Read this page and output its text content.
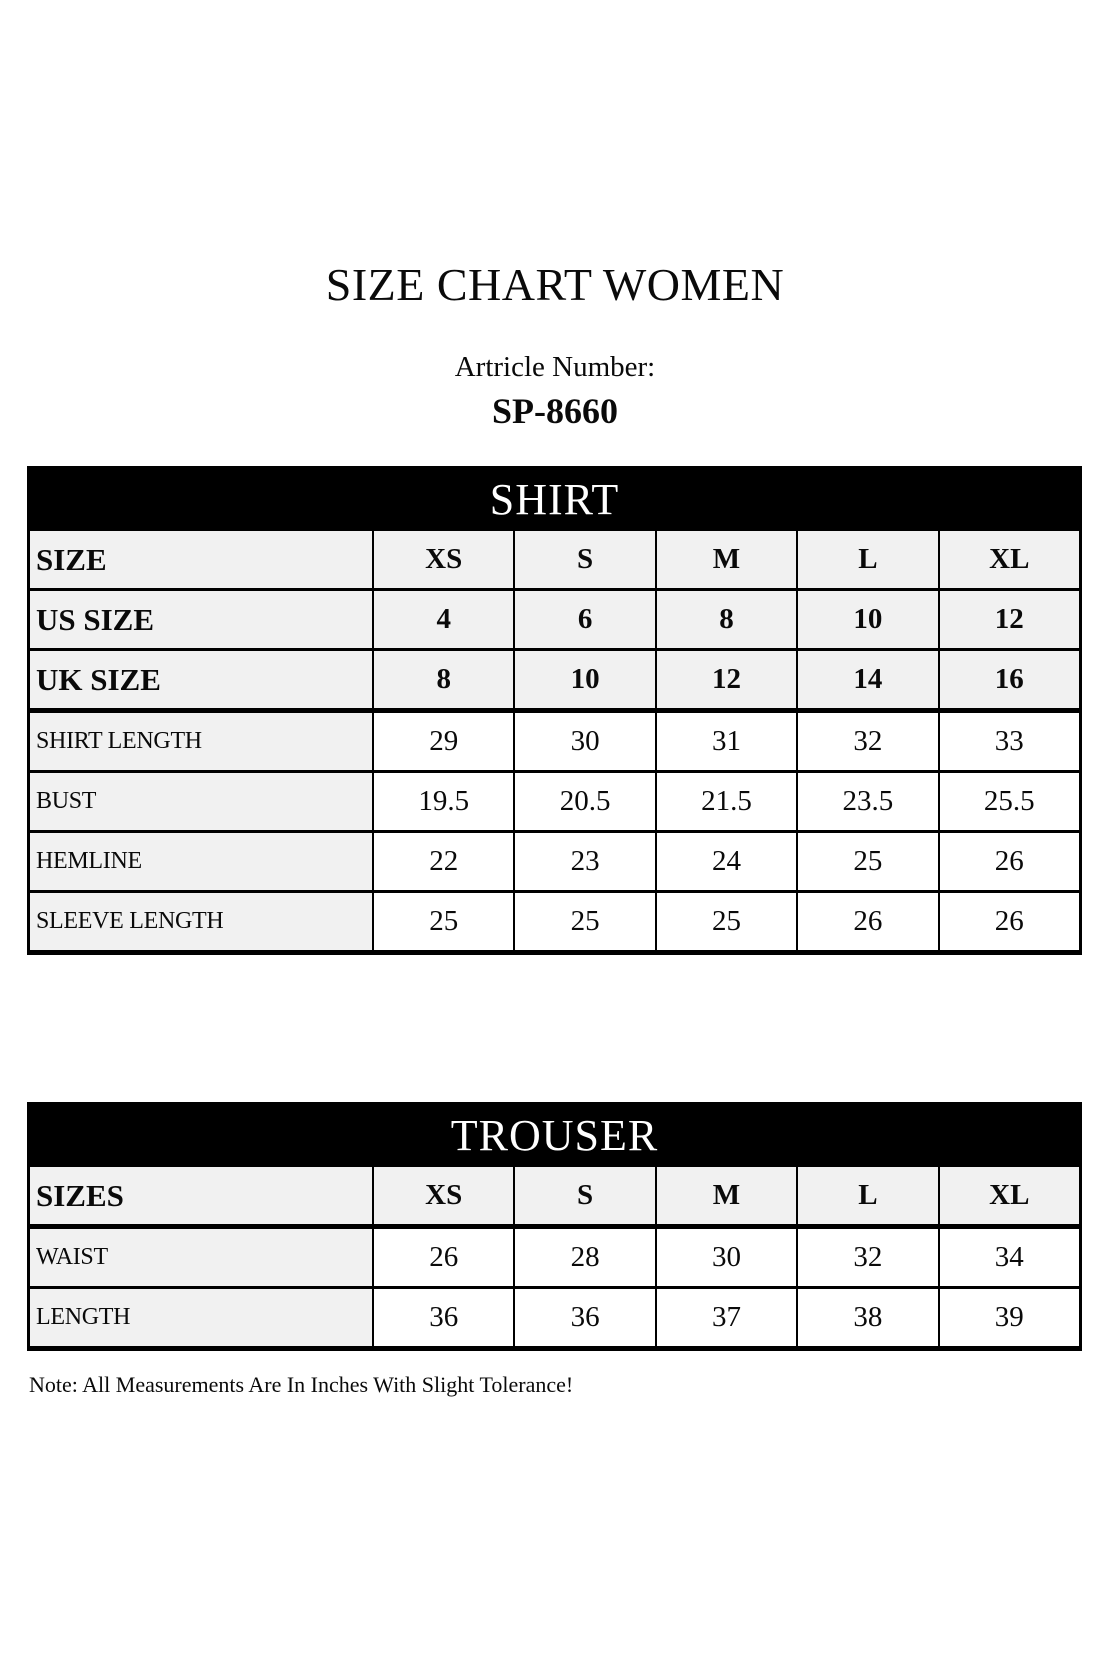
SIZE CHART WOMEN
Artricle Number:
SP-8660
SHIRT
SIZE	XS	S	M	L	XL
US SIZE	4	6	8	10	12
UK SIZE	8	10	12	14	16
SHIRT LENGTH	29	30	31	32	33
BUST	19.5	20.5	21.5	23.5	25.5
HEMLINE	22	23	24	25	26
SLEEVE LENGTH	25	25	25	26	26
TROUSER
SIZES	XS	S	M	L	XL
WAIST	26	28	30	32	34
LENGTH	36	36	37	38	39
Note: All Measurements Are In Inches With Slight Tolerance!
